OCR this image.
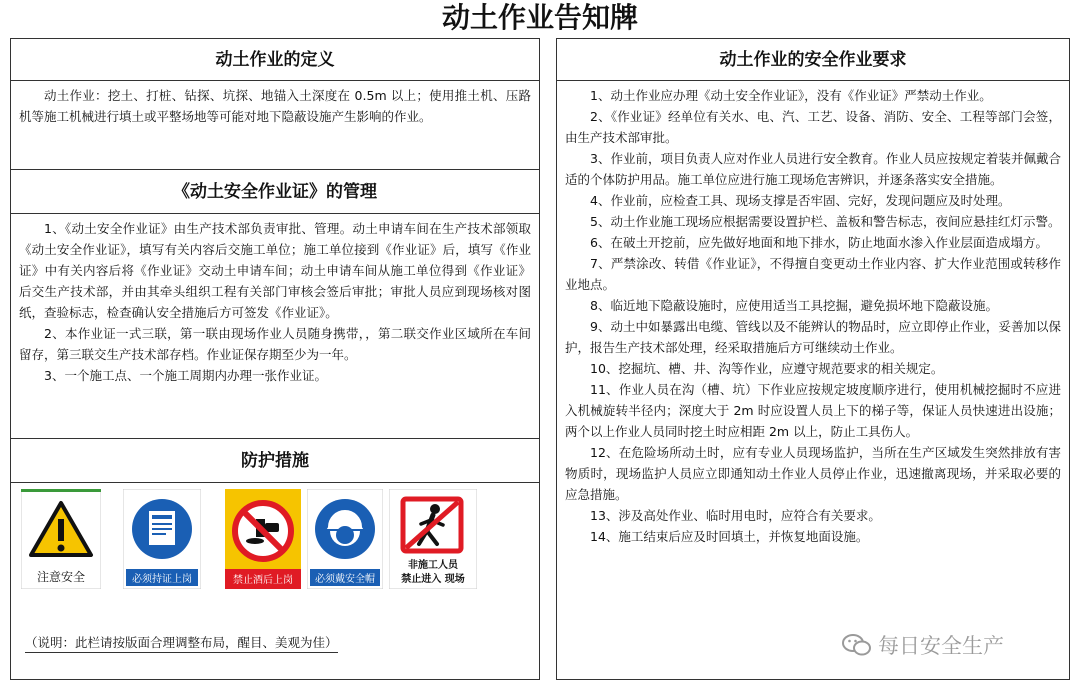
动土作业告知牌
动土作业的定义

动土作业：挖土、打桩、钻探、坑探、地锚入土深度在 0.5m 以上；使用推土机、压路机等施工机械进行填土或平整场地等可能对地下隐蔽设施产生影响的作业。

《动土安全作业证》的管理

1、《动土安全作业证》由生产技术部负责审批、管理。动土申请车间在生产技术部领取《动土安全作业证》，填写有关内容后交施工单位；施工单位接到《作业证》后，填写《作业证》中有关内容后将《作业证》交动土申请车间；动土申请车间从施工单位得到《作业证》后交生产技术部，并由其牵头组织工程有关部门审核会签后审批；审批人员应到现场核对图纸，查验标志，检查确认安全措施后方可签发《作业证》。

2、本作业证一式三联，第一联由现场作业人员随身携带，，第二联交作业区域所在车间留存，第三联交生产技术部存档。作业证保存期至少为一年。

3、一个施工点、一个施工周期内办理一张作业证。

防护措施
注意安全	必须持证上岗	禁止酒后上岗 必须戴安全帽
非施工人员
禁止进入 现场
（说明：此栏请按版面合理调整布局，醒目、美观为佳）
动土作业的安全作业要求

1、动土作业应办理《动土安全作业证》，没有《作业证》严禁动土作业。

2、《作业证》经单位有关水、电、汽、工艺、设备、消防、安全、工程等部门会签，由生产技术部审批。

3、作业前，项目负责人应对作业人员进行安全教育。作业人员应按规定着装并佩戴合适的个体防护用品。施工单位应进行施工现场危害辨识，并逐条落实安全措施。

4、作业前，应检查工具、现场支撑是否牢固、完好，发现问题应及时处理。

5、动土作业施工现场应根据需要设置护栏、盖板和警告标志，夜间应悬挂红灯示警。

6、在破土开挖前，应先做好地面和地下排水，防止地面水渗入作业层面造成塌方。

7、严禁涂改、转借《作业证》，不得擅自变更动土作业内容、扩大作业范围或转移作业地点。

8、临近地下隐蔽设施时，应使用适当工具挖掘，避免损坏地下隐蔽设施。

9、动土中如暴露出电缆、管线以及不能辨认的物品时，应立即停止作业，妥善加以保护，报告生产技术部处理，经采取措施后方可继续动土作业。

10、挖掘坑、槽、井、沟等作业，应遵守规范要求的相关规定。

11、作业人员在沟（槽、坑）下作业应按规定坡度顺序进行，使用机械挖掘时不应进入机械旋转半径内；深度大于 2m 时应设置人员上下的梯子等，保证人员快速进出设施；两个以上作业人员同时挖土时应相距 2m 以上，防止工具伤人。

12、在危险场所动土时，应有专业人员现场监护，当所在生产区域发生突然排放有害物质时，现场监护人员应立即通知动土作业人员停止作业，迅速撤离现场，并采取必要的应急措施。

13、涉及高处作业、临时用电时，应符合有关要求。

14、施工结束后应及时回填土，并恢复地面设施。

每日安全生产
